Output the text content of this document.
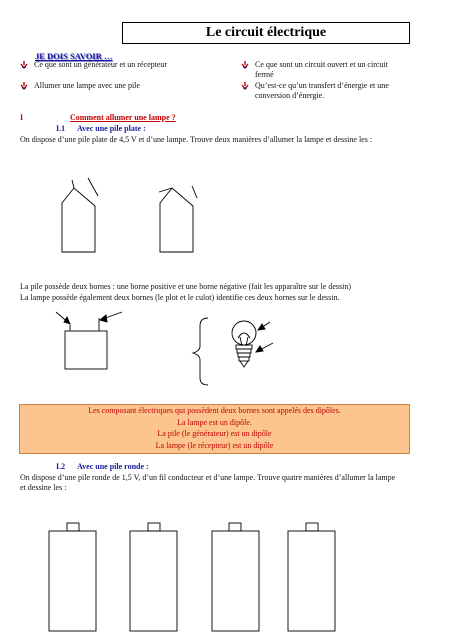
Le circuit électrique
JE DOIS SAVOIR …
Ce que sont un générateur et un récepteur
Allumer une lampe avec une pile
Ce que sont un circuit ouvert et un circuit fermé
Qu’est-ce qu’un transfert d’énergie et une conversion d’énergie.
I	Comment allumer une lampe ?
I.1 Avec une pile plate :
On dispose d’une pile plate de 4,5 V et d’une lampe. Trouve deux manières d’allumer la lampe et dessine les :
La pile possède deux bornes : une borne positive et une borne négative (fait les apparaître sur le dessin)
La lampe possède également deux bornes (le plot et le culot) identifie ces deux bornes sur le dessin.
Les composant électriques qui possèdent deux bornes sont appelés des dipôles.
La lampe est un dipôle.
La pile (le générateur) est un dipôle
La lampe (le récepteur) est un dipôle
I.2 Avec une pile ronde :
On dispose d’une pile ronde de 1,5 V, d’un fil conducteur et d’une lampe. Trouve quatre manières d’allumer la lampe et dessine les :
